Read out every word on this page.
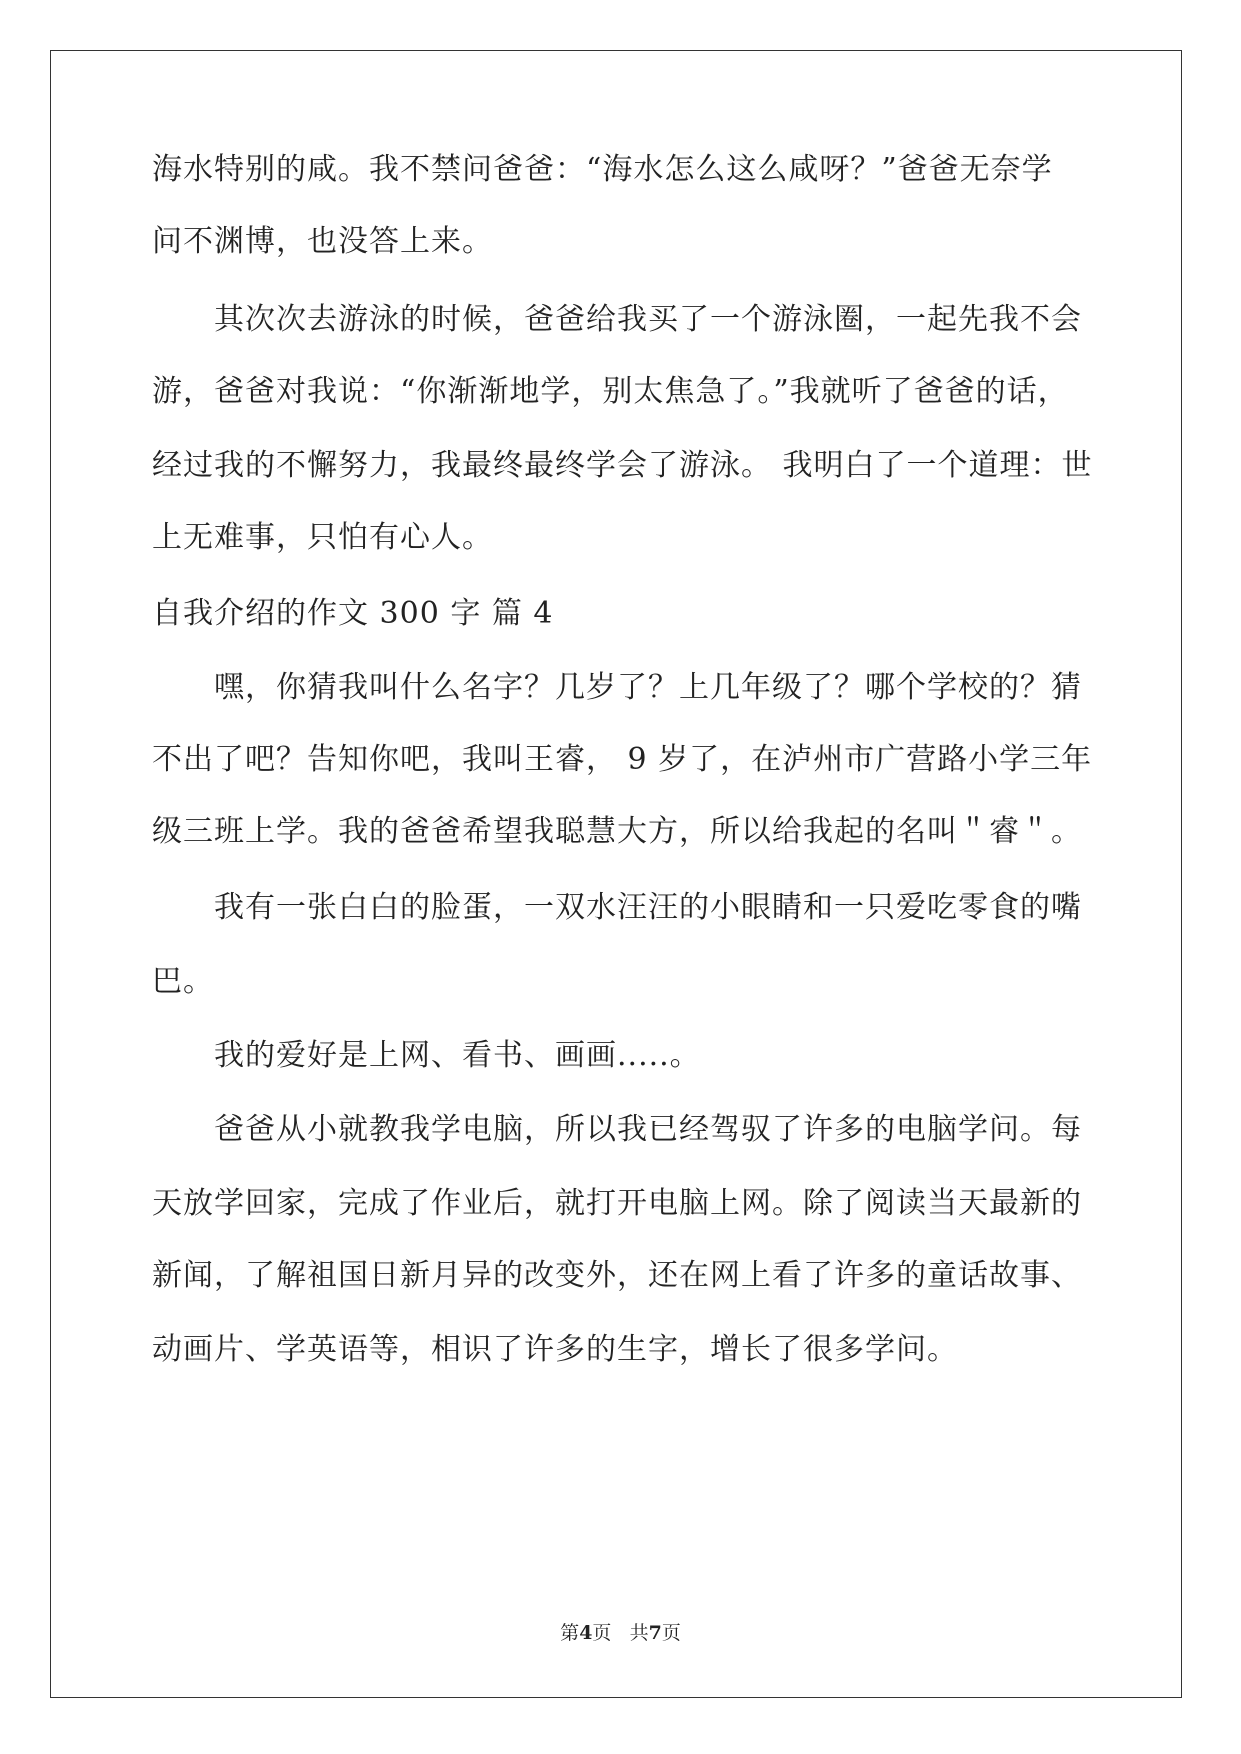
海水特别的咸。我不禁问爸爸：“海水怎么这么咸呀？”爸爸无奈学
问不渊博，也没答上来。
其次次去游泳的时候，爸爸给我买了一个游泳圈，一起先我不会
游，爸爸对我说：“你渐渐地学，别太焦急了。”我就听了爸爸的话，
经过我的不懈努力，我最终最终学会了游泳。 我明白了一个道理：世
上无难事，只怕有心人。
自我介绍的作文 300 字 篇 4
嘿，你猜我叫什么名字？几岁了？上几年级了？哪个学校的？猜
不出了吧？告知你吧，我叫王睿， 9 岁了，在泸州市广营路小学三年
级三班上学。我的爸爸希望我聪慧大方，所以给我起的名叫＂睿＂。
我有一张白白的脸蛋，一双水汪汪的小眼睛和一只爱吃零食的嘴
巴。
我的爱好是上网、看书、画画.....。
爸爸从小就教我学电脑，所以我已经驾驭了许多的电脑学问。每
天放学回家，完成了作业后，就打开电脑上网。除了阅读当天最新的
新闻，了解祖国日新月异的改变外，还在网上看了许多的童话故事、
动画片、学英语等，相识了许多的生字，增长了很多学问。
第4页 共7页
